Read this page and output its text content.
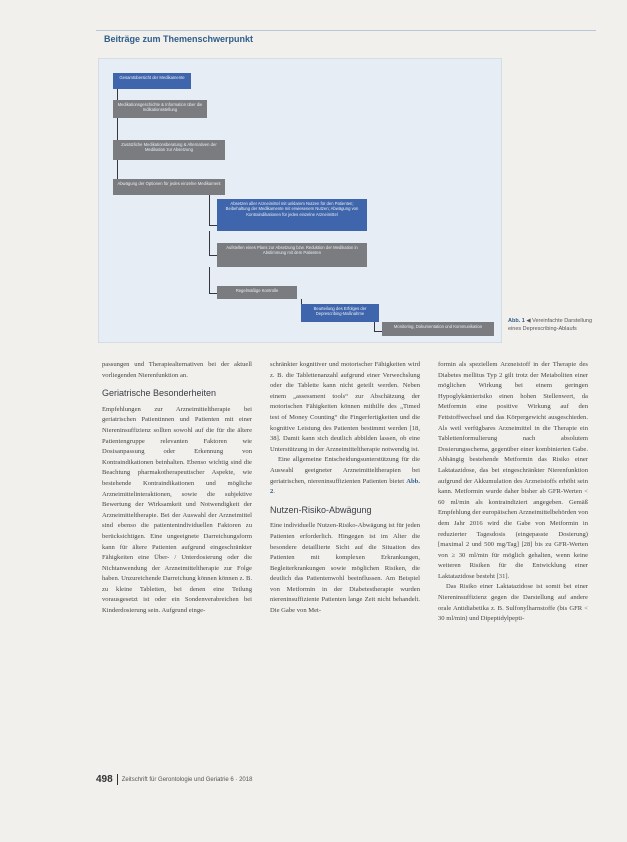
Beiträge zum Themenschwerpunkt
Gesamtübersicht der Medikamente
Medikationsgeschichte & Information über die Indikationsstellung
Zusätzliche Medikationsberatung & Alternativen der Medikation zur Absetzung
Abwägung der Optionen für jedes einzelne Medikament
Absetzen aller Arzneimittel mit unklarem Nutzen für den Patienten; Beibehaltung der Medikamente mit erwiesenem Nutzen; Abwägung von Kontraindikationen für jedes einzelne Arzneimittel
Aufstellen eines Plans zur Absetzung bzw. Reduktion der Medikation in Abstimmung mit dem Patienten
Regelmäßige Kontrolle
Beurteilung des Erfolges der Deprescribing-Maßnahme
Monitoring, Dokumentation und Kommunikation
Abb. 1 ◀ Vereinfachte Darstellung eines Deprescribing-Ablaufs

passungen und Therapiealternativen bei der aktuell vorliegenden Nierenfunktion an.

Geriatrische Besonderheiten

Empfehlungen zur Arzneimitteltherapie bei geriatrischen Patientinnen und Patienten mit einer Niereninsuffizienz sollten sowohl auf die für die ältere Patientengruppe relevanten Faktoren wie Dosisanpassung oder Erkennung von Kontraindikationen beinhalten. Ebenso wichtig sind die Beachtung pharmakotherapeutischer Aspekte, wie bestehende Kontraindikationen und mögliche Arzneimittelinteraktionen, sowie die subjektive Bewertung der Wirksamkeit und Notwendigkeit der Arzneimitteltherapie. Bei der Auswahl der Arzneimittel sind ebenso die patientenindividuellen Faktoren zu berücksichtigen. Eine ungeeignete Darreichungsform kann für ältere Patienten aufgrund eingeschränkter Fähigkeiten eine Über- / Unterdosierung oder die Nichtanwendung der Arzneimitteltherapie zur Folge haben. Unzureichende Darreichung können können z. B. zu kleine Tabletten, bei denen eine Teilung vorausgesetzt ist oder ein Sondenverabreichen bei Kinderdosierung sein. Aufgrund einge-

schränkter kognitiver und motorischer Fähigkeiten wird z. B. die Tablettenanzahl aufgrund einer Verwechslung oder die Tablette kann nicht geteilt werden. Neben einem „assessment tools“ zur Abschätzung der motorischen Fähigkeiten können mithilfe des „Timed test of Money Counting“ die Fingerfertigkeiten und die kognitive Leistung des Patienten bestimmt werden [18, 38]. Damit kann sich deutlich abbilden lassen, ob eine Unterstützung in der Arzneimitteltherapie notwendig ist.

Eine allgemeine Entscheidungsunterstützung für die Auswahl geeigneter Arzneimitteltherapien bei geriatrischen, niereninsuffizienten Patienten bietet Abb. 2.

Nutzen-Risiko-Abwägung

Eine individuelle Nutzen-Risiko-Abwägung ist für jeden Patienten erforderlich. Hingegen ist im Alter die besondere detaillierte Sicht auf die Situation des Patienten mit komplexen Erkrankungen, Begleiterkrankungen sowie möglichen Risiken, die deutlich das Patientenwohl beeinflussen. Am Beispiel von Metformin in der Diabetestherapie wurden niereninsuffiziente Patienten lange Zeit nicht behandelt. Die Gabe von Met-

formin als speziellem Arzneistoff in der Therapie des Diabetes mellitus Typ 2 gilt trotz der Metaboliten einer möglichen Wirkung bei einem geringen Hypoglykämierisiko einen hohen Stellenwert, da Metformin eine positive Wirkung auf den Fettstoffwechsel und das Körpergewicht ausgeschieden. Als weil verfügbares Arzneimittel in die Therapie ein Tablettenformulierung nach absolutem Dosierungsschema, gegenüber einer kombinierten Gabe. Abhängig bestehende Metformin das Risiko einer Laktatazidose, das bei eingeschränkter Nierenfunktion aufgrund der Akkumulation des Arzneistoffs erhöht sein kann. Metformin wurde daher bisher ab GFR-Werten < 60 ml/min als kontraindiziert angegeben. Gemäß Empfehlung der europäischen Arzneimittelbehörden von dem Jahr 2016 wird die Gabe von Metformin in reduzierter Tagesdosis (eingepasste Dosierung) [maximal 2 und 500 mg/Tag] [28] bis zu GFR-Werten von ≥ 30 ml/min für möglich gehalten, wenn keine weiteren Risiken für die Entwicklung einer Laktatazidose besteht [31].

Das Risiko einer Laktatazidose ist somit bei einer Niereninsuffizienz gegen die Darstellung auf andere orale Antidiabetika z. B. Sulfonylharnstoffe (bis GFR < 30 ml/min) und Dipeptidylpepti-

498 Zeitschrift für Gerontologie und Geriatrie 6 · 2018
